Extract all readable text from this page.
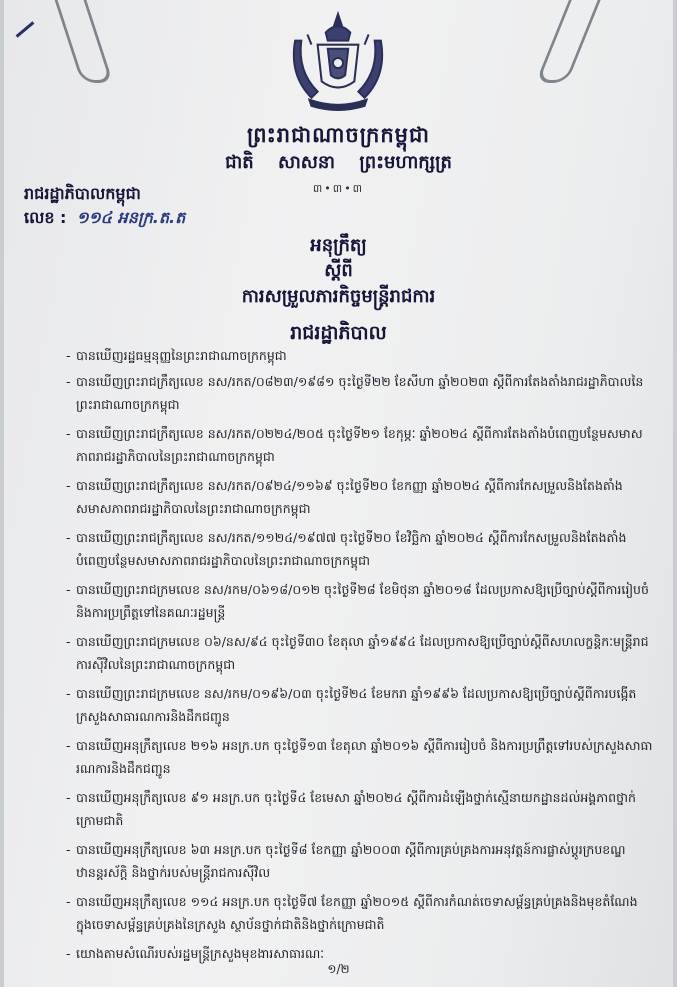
ព្រះរាជាណាចក្រកម្ពុជា
ជាតិ សាសនា ព្រះមហាក្សត្រ
៣•៣•៣
រាជរដ្ឋាភិបាលកម្ពុជា
លេខ : ១១៤ អនក្រ.ត.ត
អនុក្រឹត្យ
ស្តីពី
ការសម្រួលភារកិច្ចមន្ត្រីរាជការ
រាជរដ្ឋាភិបាល
- បានឃើញរដ្ឋធម្មនុញ្ញនៃព្រះរាជាណាចក្រកម្ពុជា
- បានឃើញព្រះរាជក្រឹត្យលេខ នស/រកត/០៨២៣/១៩៨១ ចុះថ្ងៃទី២២ ខែសីហា ឆ្នាំ២០២៣ ស្តីពីការតែងតាំងរាជរដ្ឋាភិបាលនៃព្រះរាជាណាចក្រកម្ពុជា
- បានឃើញព្រះរាជក្រឹត្យលេខ នស/រកត/០២២៤/២០៥ ចុះថ្ងៃទី២១ ខែកុម្ភៈ ឆ្នាំ២០២៤ ស្តីពីការតែងតាំងបំពេញបន្ថែមសមាសភាពរាជរដ្ឋាភិបាលនៃព្រះរាជាណាចក្រកម្ពុជា
- បានឃើញព្រះរាជក្រឹត្យលេខ នស/រកត/០៩២៤/១១៦៩ ចុះថ្ងៃទី២០ ខែកញ្ញា ឆ្នាំ២០២៤ ស្តីពីការកែសម្រួលនិងតែងតាំងសមាសភាពរាជរដ្ឋាភិបាលនៃព្រះរាជាណាចក្រកម្ពុជា
- បានឃើញព្រះរាជក្រឹត្យលេខ នស/រកត/១១២៤/១៩៧៧ ចុះថ្ងៃទី២០ ខែវិច្ឆិកា ឆ្នាំ២០២៤ ស្តីពីការកែសម្រួលនិងតែងតាំងបំពេញបន្ថែមសមាសភាពរាជរដ្ឋាភិបាលនៃព្រះរាជាណាចក្រកម្ពុជា
- បានឃើញព្រះរាជក្រមលេខ នស/រកម/០៦១៨/០១២ ចុះថ្ងៃទី២៨ ខែមិថុនា ឆ្នាំ២០១៨ ដែលប្រកាសឱ្យប្រើច្បាប់ស្តីពីការរៀបចំនិងការប្រព្រឹត្តទៅនៃគណៈរដ្ឋមន្ត្រី
- បានឃើញព្រះរាជក្រមលេខ ០៦/នស/៩៤ ចុះថ្ងៃទី៣០ ខែតុលា ឆ្នាំ១៩៩៤ ដែលប្រកាសឱ្យប្រើច្បាប់ស្តីពីសហលក្ខន្តិកៈមន្ត្រីរាជការស៊ីវិលនៃព្រះរាជាណាចក្រកម្ពុជា
- បានឃើញព្រះរាជក្រមលេខ នស/រកម/០១៩៦/០៣ ចុះថ្ងៃទី២៤ ខែមករា ឆ្នាំ១៩៩៦ ដែលប្រកាសឱ្យប្រើច្បាប់ស្តីពីការបង្កើតក្រសួងសាធារណការនិងដឹកជញ្ជូន
- បានឃើញអនុក្រឹត្យលេខ ២១៦ អនក្រ.បក ចុះថ្ងៃទី១៣ ខែតុលា ឆ្នាំ២០១៦ ស្តីពីការរៀបចំ និងការប្រព្រឹត្តទៅរបស់ក្រសួងសាធារណការនិងដឹកជញ្ជូន
- បានឃើញអនុក្រឹត្យលេខ ៩១ អនក្រ.បក ចុះថ្ងៃទី៤ ខែមេសា ឆ្នាំ២០២៤ ស្តីពីការដំឡើងថ្នាក់ស្មើនាយកដ្ឋានដល់អង្គភាពថ្នាក់ក្រោមជាតិ
- បានឃើញអនុក្រឹត្យលេខ ៦៣ អនក្រ.បក ចុះថ្ងៃទី៨ ខែកញ្ញា ឆ្នាំ២០០៣ ស្តីពីការគ្រប់គ្រងការអនុវត្តន៍ការផ្លាស់ប្តូរក្របខណ្ឌ ឋានន្តរស័ក្តិ និងថ្នាក់របស់មន្ត្រីរាជការស៊ីវិល
- បានឃើញអនុក្រឹត្យលេខ ១១៤ អនក្រ.បក ចុះថ្ងៃទី៧ ខែកញ្ញា ឆ្នាំ២០១៥ ស្តីពីការកំណត់ចេទាសម្ព័ន្ធគ្រប់គ្រងនិងមុខតំណែងក្នុងចេទាសម្ព័ន្ធគ្រប់គ្រងនៃក្រសួង ស្ថាប័នថ្នាក់ជាតិនិងថ្នាក់ក្រោមជាតិ
- យោងតាមសំណើរបស់រដ្ឋមន្ត្រីក្រសួងមុខងារសាធារណៈ
១/២
